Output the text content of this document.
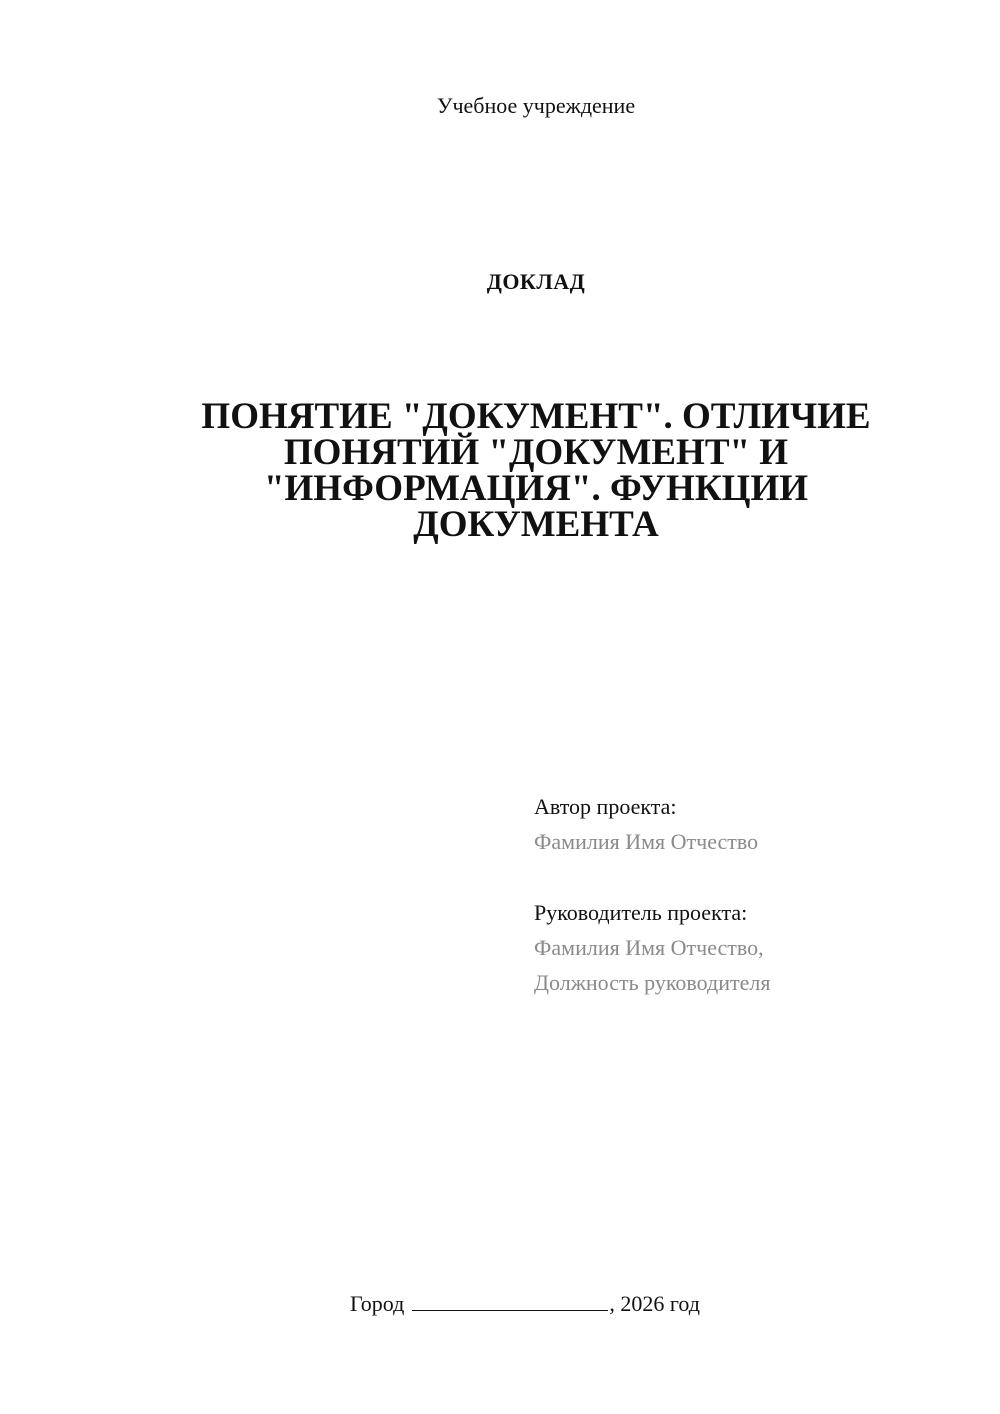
Учебное учреждение
ДОКЛАД
ПОНЯТИЕ "ДОКУМЕНТ". ОТЛИЧИЕ
ПОНЯТИЙ "ДОКУМЕНТ" И
"ИНФОРМАЦИЯ". ФУНКЦИИ
ДОКУМЕНТА
Автор проекта:
Фамилия Имя Отчество
Руководитель проекта:
Фамилия Имя Отчество,
Должность руководителя
Город	, 2026 год
